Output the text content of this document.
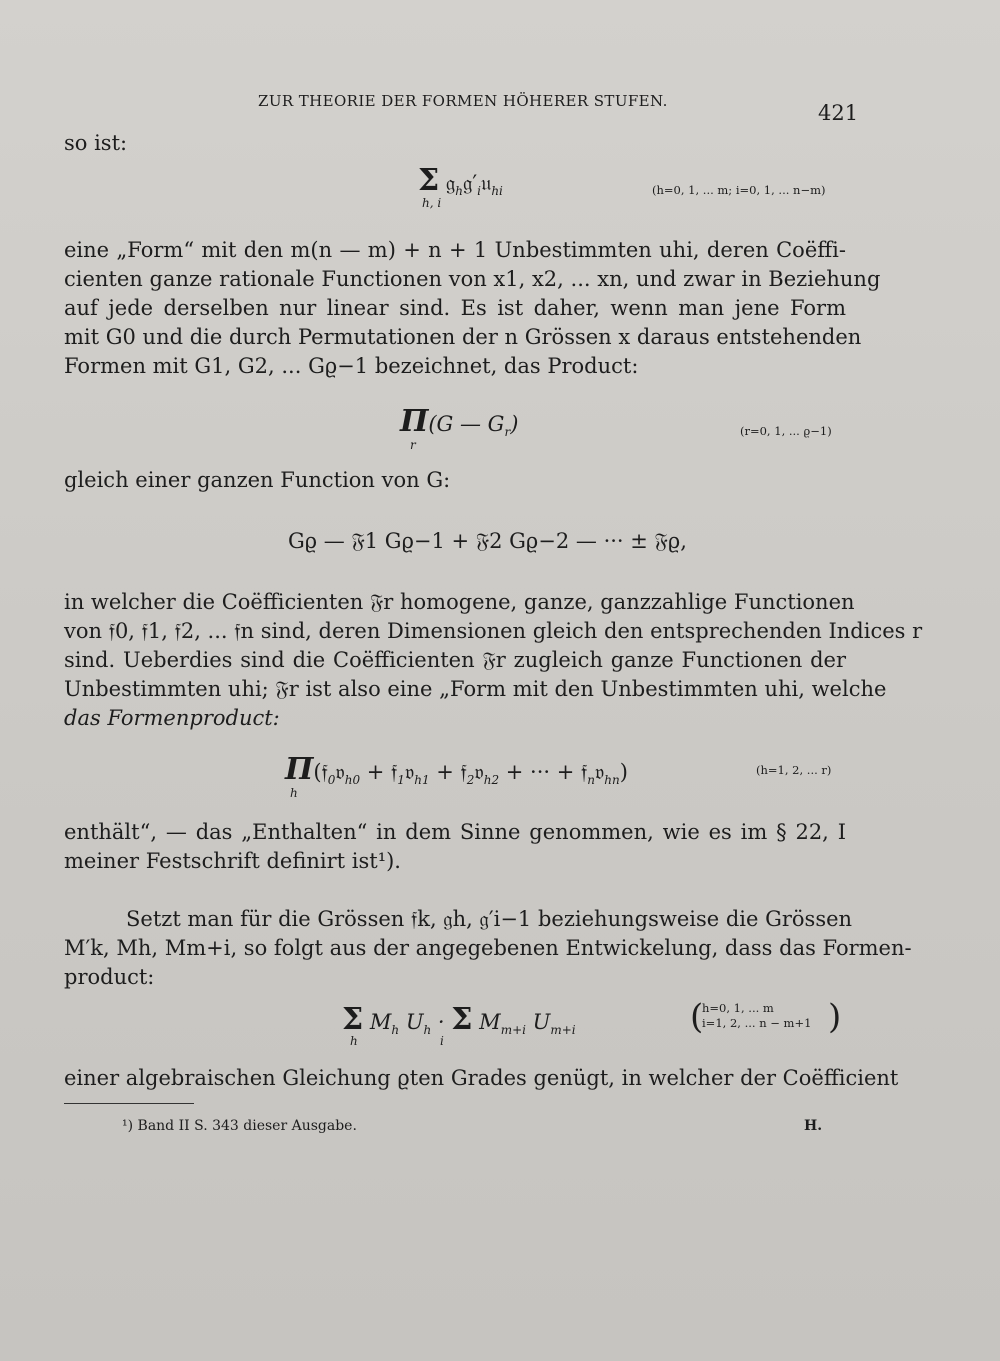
ZUR THEORIE DER FORMEN HÖHERER STUFEN.	421
so ist:
Σ $𝔤_h𝔤'_i𝔲_{hi}$
h, i
(h=0, 1, ... m; i=0, 1, ... n−m)
eine „Form“ mit den m(n — m) + n + 1 Unbestimmten uhi, deren Coëffi-
cienten ganze rationale Functionen von x1, x2, ... xn, und zwar in Beziehung
auf jede derselben nur linear sind. Es ist daher, wenn man jene Form
mit G0 und die durch Permutationen der n Grössen x daraus entstehenden
Formen mit G1, G2, ... Gϱ−1 bezeichnet, das Product:
Π(G — $G_r$)
r
(r=0, 1, ... ϱ−1)
gleich einer ganzen Function von G:
Gϱ — 𝔉1 Gϱ−1 + 𝔉2 Gϱ−2 — ··· ± 𝔉ϱ,
in welcher die Coëfficienten 𝔉r homogene, ganze, ganzzahlige Functionen
von 𝔣0, 𝔣1, 𝔣2, ... 𝔣n sind, deren Dimensionen gleich den entsprechenden Indices r
sind. Ueberdies sind die Coëfficienten 𝔉r zugleich ganze Functionen der
Unbestimmten uhi; 𝔉r ist also eine „Form mit den Unbestimmten uhi, welche
das Formenproduct:
Π(𝔣$_0$𝔳$_{h0}$ + 𝔣$_1$𝔳$_{h1}$ + 𝔣$_2$𝔳$_{h2}$ + ··· + 𝔣$_n$𝔳$_{hn}$)
h
(h=1, 2, ... r)
enthält“, — das „Enthalten“ in dem Sinne genommen, wie es im § 22, I
meiner Festschrift definirt ist¹).
Setzt man für die Grössen 𝔣k, 𝔤h, 𝔤′i−1 beziehungsweise die Grössen
M′k, Mh, Mm+i, so folgt aus der angegebenen Entwickelung, dass das Formen-
product:
Σ $M_h$ $U_h \cdot \Sigma$ $M_{m+i}$ $U_{m+i}$
h	i
(
h=0, 1, ... m
i=1, 2, ... n − m+1 )
einer algebraischen Gleichung ϱten Grades genügt, in welcher der Coëfficient
¹) Band II S. 343 dieser Ausgabe.	H.
